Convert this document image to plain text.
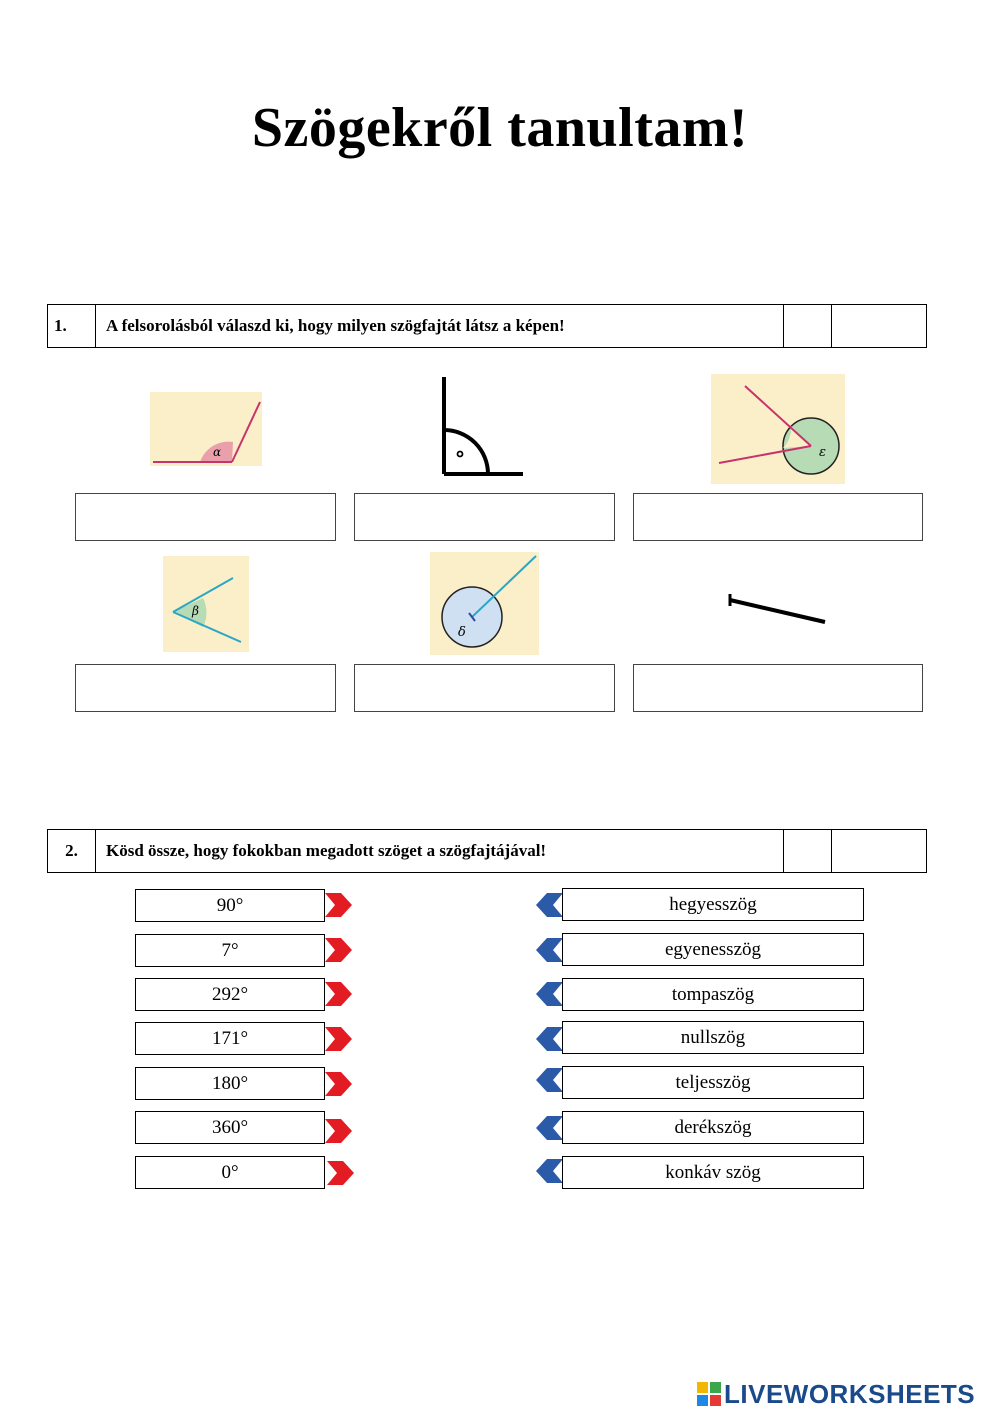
Szögekről tanultam!
1.	A felsorolásból válaszd ki, hogy milyen szögfajtát látsz a képen!
α	ε
β
δ
2.	Kösd össze, hogy fokokban megadott szöget a szögfajtájával!
90°	hegyesszög
7°	egyenesszög
292°	tompaszög
171°	nullszög
180°	teljesszög
360°	derékszög
0°	konkáv szög
LIVEWORKSHEETS
